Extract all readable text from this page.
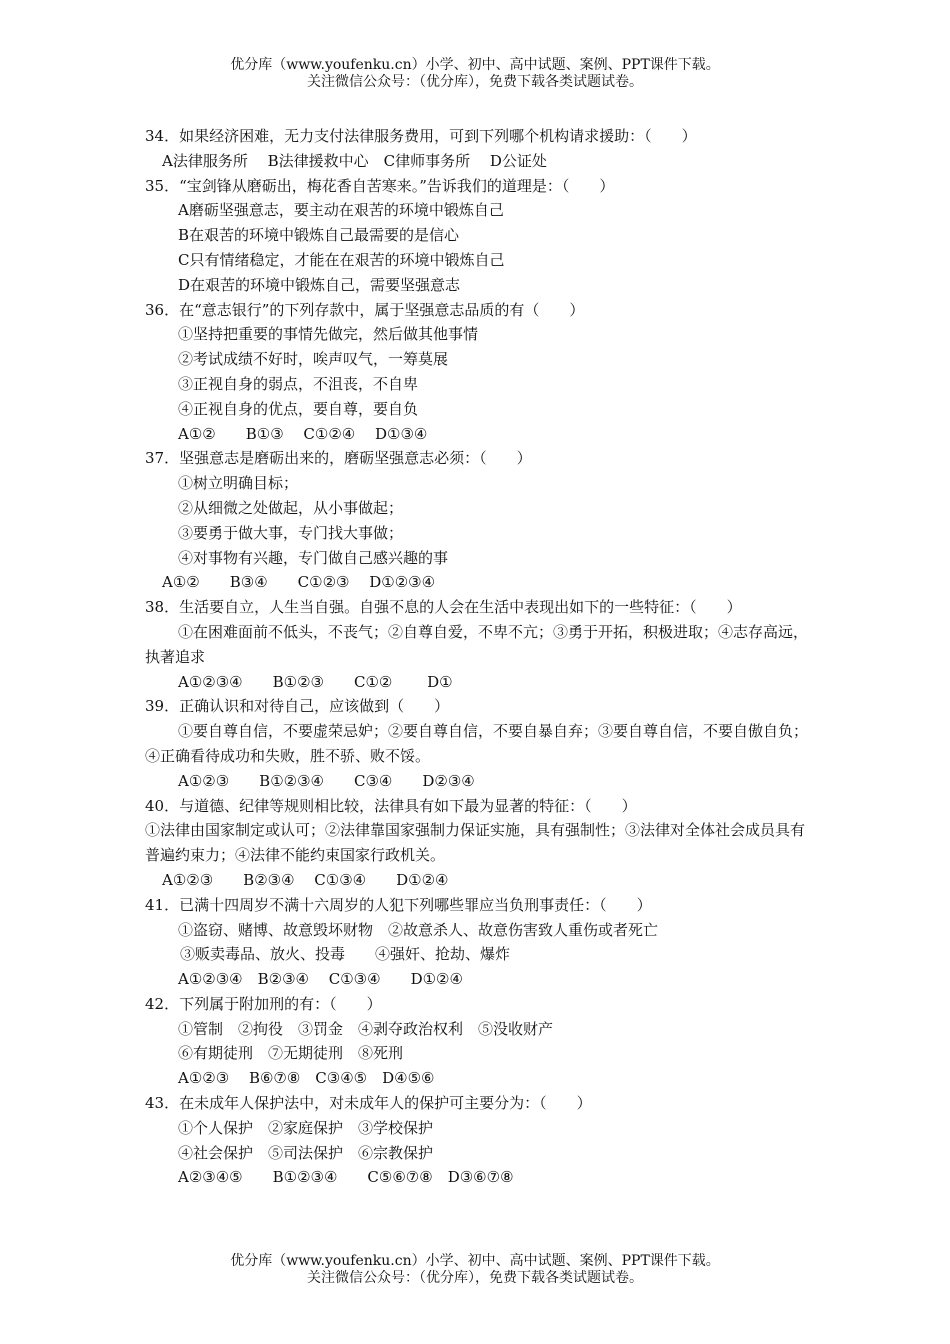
优分库（www.youfenku.cn）小学、初中、高中试题、案例、PPT课件下载。
关注微信公众号：（优分库），免费下载各类试题试卷。
34．如果经济困难，无力支付法律服务费用，可到下列哪个机构请求援助：（　　）
A法律服务所　 B法律援救中心　C律师事务所　 D公证处
35．“宝剑锋从磨砺出，梅花香自苦寒来。”告诉我们的道理是：（　　）
A磨砺坚强意志，要主动在艰苦的环境中锻炼自己
B在艰苦的环境中锻炼自己最需要的是信心
C只有情绪稳定，才能在在艰苦的环境中锻炼自己
D在艰苦的环境中锻炼自己，需要坚强意志
36．在“意志银行”的下列存款中，属于坚强意志品质的有（　　）
①坚持把重要的事情先做完，然后做其他事情
②考试成绩不好时，唉声叹气，一筹莫展
③正视自身的弱点，不沮丧，不自卑
④正视自身的优点，要自尊，要自负
A①②　　B①③　 C①②④　 D①③④
37．坚强意志是磨砺出来的，磨砺坚强意志必须：（　　）
①树立明确目标；
②从细微之处做起，从小事做起；
③要勇于做大事，专门找大事做；
④对事物有兴趣，专门做自己感兴趣的事
A①②　　B③④　　C①②③　 D①②③④
38．生活要自立，人生当自强。自强不息的人会在生活中表现出如下的一些特征：（　　）
①在困难面前不低头，不丧气；②自尊自爱，不卑不亢；③勇于开拓，积极进取；④志存高远，执著追求
A①②③④　　B①②③　　C①②　　 D①
39．正确认识和对待自己，应该做到（　　）
①要自尊自信，不要虚荣忌妒；②要自尊自信，不要自暴自弃；③要自尊自信，不要自傲自负；④正确看待成功和失败，胜不骄、败不馁。
A①②③　　B①②③④　　C③④　　D②③④
40．与道德、纪律等规则相比较，法律具有如下最为显著的特征：（　　）
①法律由国家制定或认可；②法律靠国家强制力保证实施，具有强制性；③法律对全体社会成员具有普遍约束力；④法律不能约束国家行政机关。
A①②③　　B②③④　 C①③④　　D①②④
41．已满十四周岁不满十六周岁的人犯下列哪些罪应当负刑事责任：（　　）
①盗窃、赌博、故意毁坏财物　②故意杀人、故意伤害致人重伤或者死亡
③贩卖毒品、放火、投毒　　④强奸、抢劫、爆炸
A①②③④　B②③④　 C①③④　　D①②④
42．下列属于附加刑的有：（　　）
①管制　②拘役　③罚金　④剥夺政治权利　⑤没收财产
⑥有期徒刑　⑦无期徒刑　⑧死刑
A①②③　 B⑥⑦⑧　C③④⑤　D④⑤⑥
43．在未成年人保护法中，对未成年人的保护可主要分为：（　　）
①个人保护　②家庭保护　③学校保护
④社会保护　⑤司法保护　⑥宗教保护
A②③④⑤　　B①②③④　　C⑤⑥⑦⑧　D③⑥⑦⑧
优分库（www.youfenku.cn）小学、初中、高中试题、案例、PPT课件下载。
关注微信公众号：（优分库），免费下载各类试题试卷。
